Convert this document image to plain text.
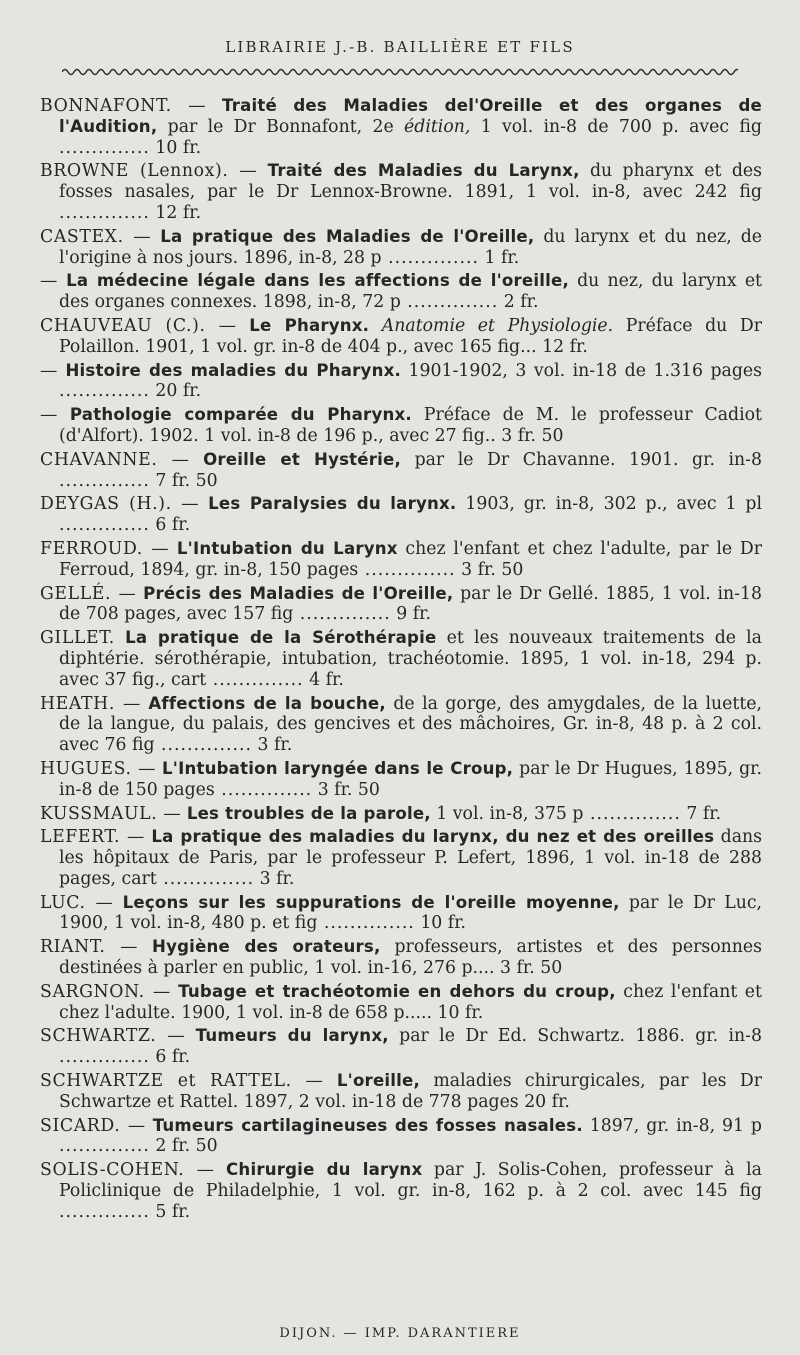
LIBRAIRIE J.-B. BAILLIÈRE ET FILS

BONNAFONT. — Traité des Maladies del'Oreille et des organes de l'Audition, par le Dr Bonnafont, 2e édition, 1 vol. in-8 de 700 p. avec fig .............. 10 fr.

BROWNE (Lennox). — Traité des Maladies du Larynx, du pharynx et des fosses nasales, par le Dr Lennox-Browne. 1891, 1 vol. in-8, avec 242 fig .............. 12 fr.

CASTEX. — La pratique des Maladies de l'Oreille, du larynx et du nez, de l'origine à nos jours. 1896, in-8, 28 p .............. 1 fr.

— La médecine légale dans les affections de l'oreille, du nez, du larynx et des organes connexes. 1898, in-8, 72 p .............. 2 fr.

CHAUVEAU (C.). — Le Pharynx. Anatomie et Physiologie. Préface du Dr Polaillon. 1901, 1 vol. gr. in-8 de 404 p., avec 165 fig... 12 fr.

— Histoire des maladies du Pharynx. 1901-1902, 3 vol. in-18 de 1.316 pages .............. 20 fr.

— Pathologie comparée du Pharynx. Préface de M. le professeur Cadiot (d'Alfort). 1902. 1 vol. in-8 de 196 p., avec 27 fig.. 3 fr. 50

CHAVANNE. — Oreille et Hystérie, par le Dr Chavanne. 1901. gr. in-8 .............. 7 fr. 50

DEYGAS (H.). — Les Paralysies du larynx. 1903, gr. in-8, 302 p., avec 1 pl .............. 6 fr.

FERROUD. — L'Intubation du Larynx chez l'enfant et chez l'adulte, par le Dr Ferroud, 1894, gr. in-8, 150 pages .............. 3 fr. 50

GELLÉ. — Précis des Maladies de l'Oreille, par le Dr Gellé. 1885, 1 vol. in-18 de 708 pages, avec 157 fig .............. 9 fr.

GILLET. La pratique de la Sérothérapie et les nouveaux traitements de la diphtérie. sérothérapie, intubation, trachéotomie. 1895, 1 vol. in-18, 294 p. avec 37 fig., cart .............. 4 fr.

HEATH. — Affections de la bouche, de la gorge, des amygdales, de la luette, de la langue, du palais, des gencives et des mâchoires, Gr. in-8, 48 p. à 2 col. avec 76 fig .............. 3 fr.

HUGUES. — L'Intubation laryngée dans le Croup, par le Dr Hugues, 1895, gr. in-8 de 150 pages .............. 3 fr. 50

KUSSMAUL. — Les troubles de la parole, 1 vol. in-8, 375 p .............. 7 fr.

LEFERT. — La pratique des maladies du larynx, du nez et des oreilles dans les hôpitaux de Paris, par le professeur P. Lefert, 1896, 1 vol. in-18 de 288 pages, cart .............. 3 fr.

LUC. — Leçons sur les suppurations de l'oreille moyenne, par le Dr Luc, 1900, 1 vol. in-8, 480 p. et fig .............. 10 fr.

RIANT. — Hygiène des orateurs, professeurs, artistes et des personnes destinées à parler en public, 1 vol. in-16, 276 p.... 3 fr. 50

SARGNON. — Tubage et trachéotomie en dehors du croup, chez l'enfant et chez l'adulte. 1900, 1 vol. in-8 de 658 p..... 10 fr.

SCHWARTZ. — Tumeurs du larynx, par le Dr Ed. Schwartz. 1886. gr. in-8 .............. 6 fr.

SCHWARTZE et RATTEL. — L'oreille, maladies chirurgicales, par les Dr Schwartze et Rattel. 1897, 2 vol. in-18 de 778 pages 20 fr.

SICARD. — Tumeurs cartilagineuses des fosses nasales. 1897, gr. in-8, 91 p .............. 2 fr. 50

SOLIS-COHEN. — Chirurgie du larynx par J. Solis-Cohen, professeur à la Policlinique de Philadelphie, 1 vol. gr. in-8, 162 p. à 2 col. avec 145 fig .............. 5 fr.

DIJON. — IMP. DARANTIERE
